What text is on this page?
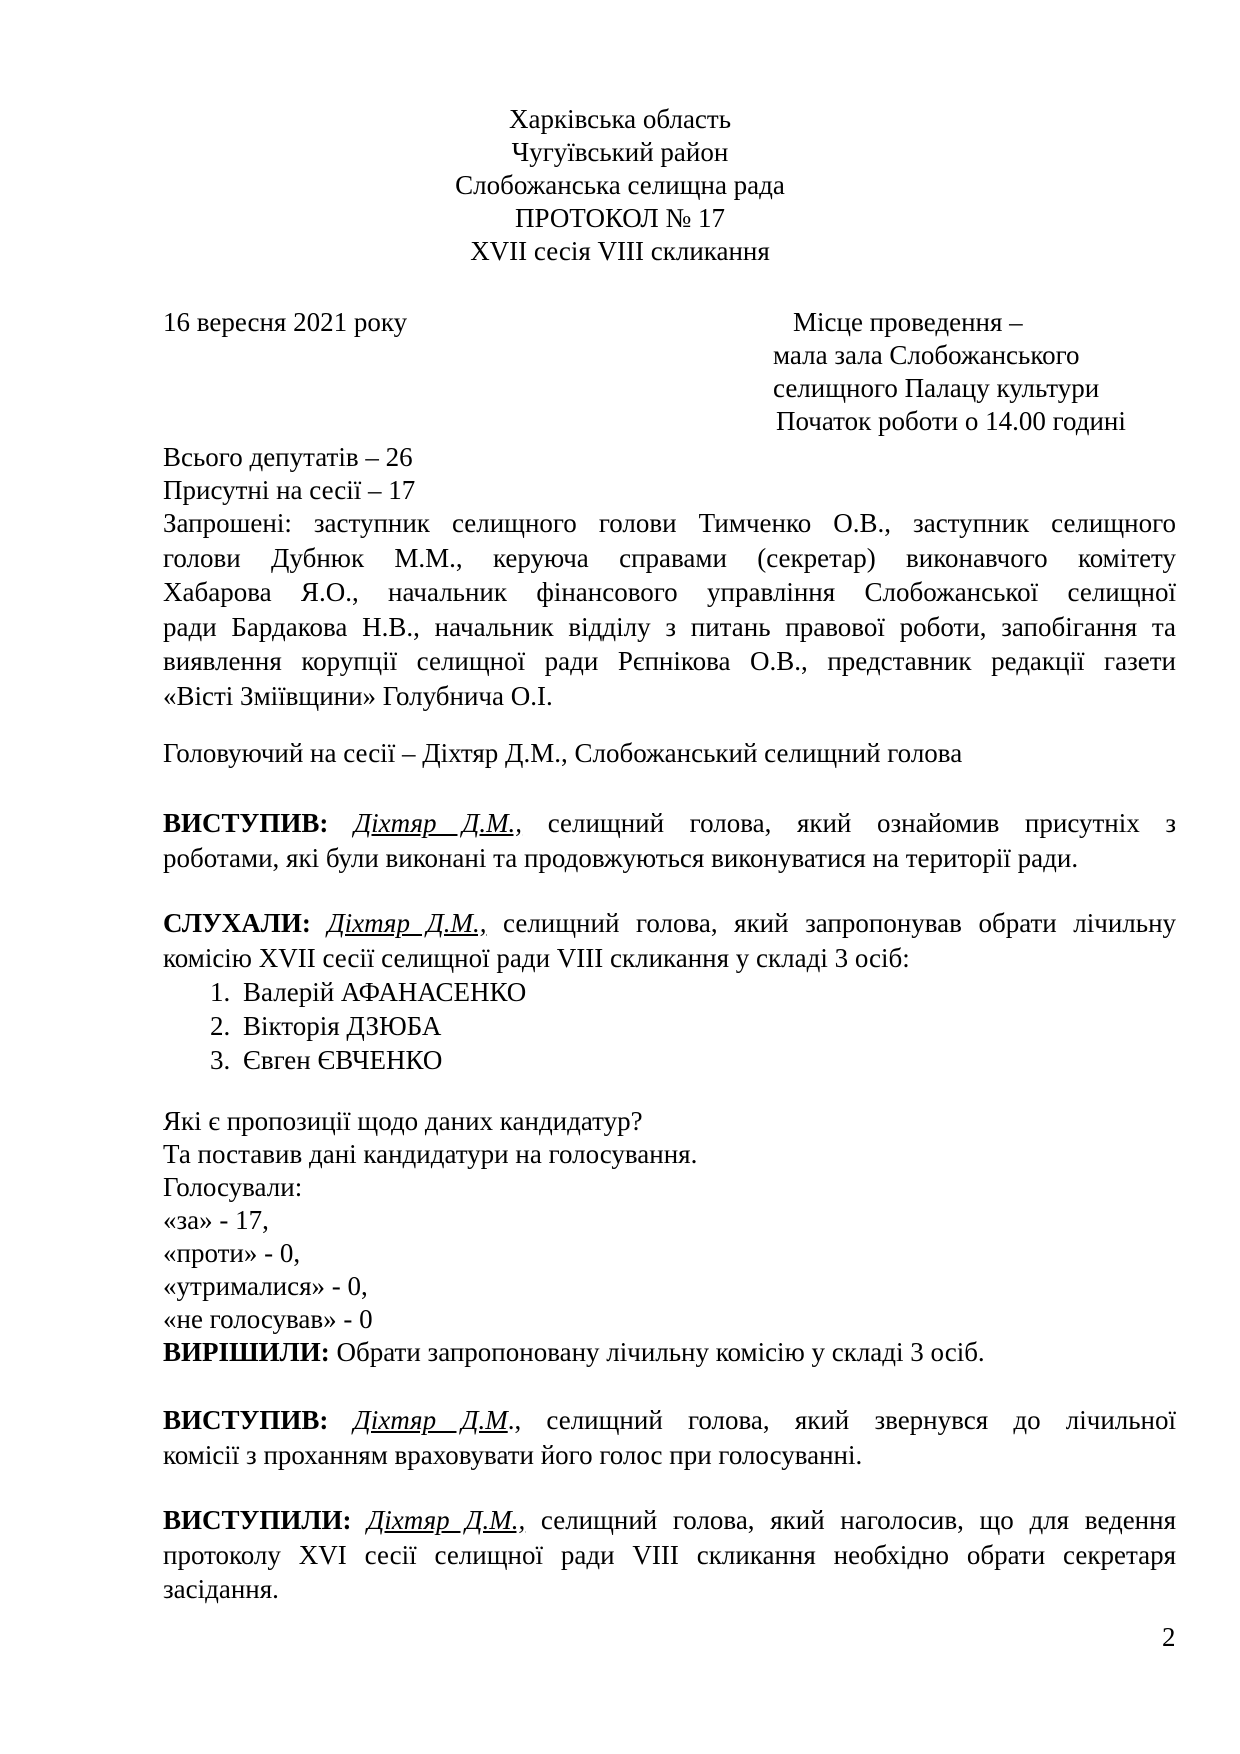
Харківська область
Чугуївський район
Слобожанська селищна рада
ПРОТОКОЛ № 17
XVII сесія VIII скликання
16 вересня 2021 року	Місце проведення –
мала зала Слобожанського
селищного Палацу культури
Початок роботи о 14.00 годині
Всього депутатів – 26
Присутні на сесії – 17
Запрошені: заступник селищного голови Тимченко О.В., заступник селищного
голови Дубнюк М.М., керуюча справами (секретар) виконавчого комітету
Хабарова Я.О., начальник фінансового управління Слобожанської селищної
ради Бардакова Н.В., начальник відділу з питань правової роботи, запобігання та
виявлення корупції селищної ради Рєпнікова О.В., представник редакції газети
«Вісті Зміївщини» Голубнича О.І.
Головуючий на сесії – Діхтяр Д.М., Слобожанський селищний голова
ВИСТУПИВ: Діхтяр Д.М., селищний голова, який ознайомив присутніх з
роботами, які були виконані та продовжуються виконуватися на території ради.
СЛУХАЛИ: Діхтяр Д.М., селищний голова, який запропонував обрати лічильну
комісію XVII сесії селищної ради VIII скликання у складі 3 осіб:
1. Валерій АФАНАСЕНКО
2. Вікторія ДЗЮБА
3. Євген ЄВЧЕНКО
Які є пропозиції щодо даних кандидатур?
Та поставив дані кандидатури на голосування.
Голосували:
«за» - 17,
«проти» - 0,
«утрималися» - 0,
«не голосував» - 0
ВИРІШИЛИ: Обрати запропоновану лічильну комісію у складі 3 осіб.
ВИСТУПИВ: Діхтяр Д.М., селищний голова, який звернувся до лічильної
комісії з проханням враховувати його голос при голосуванні.
ВИСТУПИЛИ: Діхтяр Д.М., селищний голова, який наголосив, що для ведення
протоколу XVI сесії селищної ради VIII скликання необхідно обрати секретаря
засідання.
2
